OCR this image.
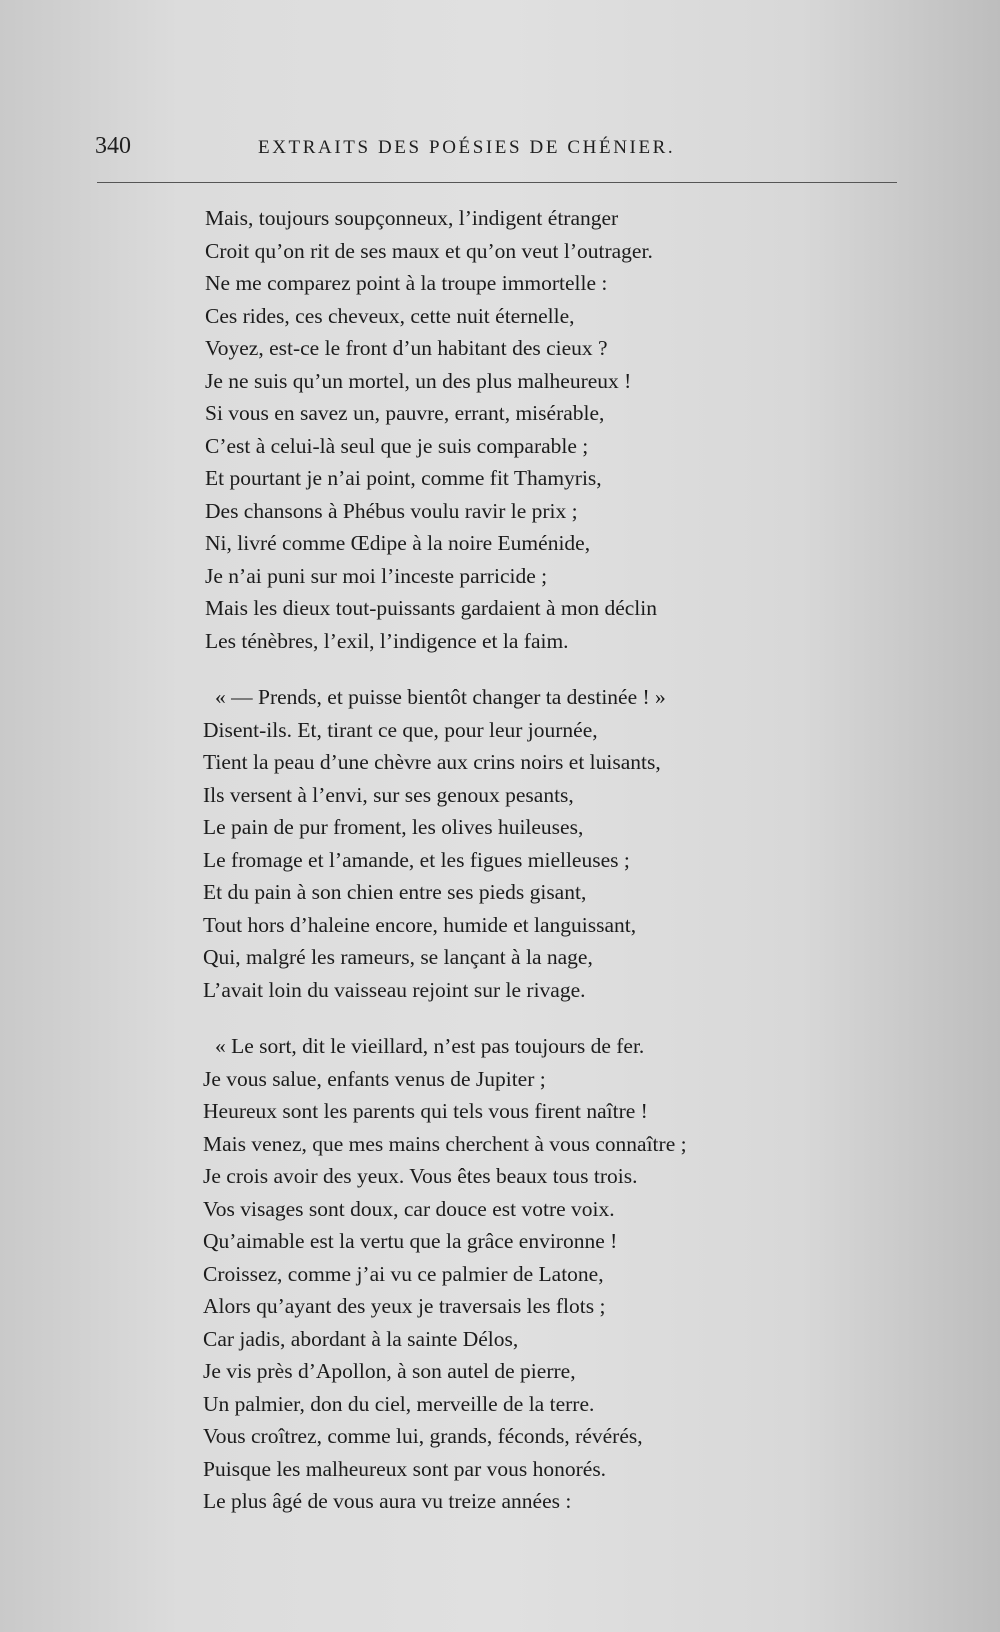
340	EXTRAITS DES POÉSIES DE CHÉNIER.
Mais, toujours soupçonneux, l’indigent étranger
Croit qu’on rit de ses maux et qu’on veut l’outrager.
Ne me comparez point à la troupe immortelle :
Ces rides, ces cheveux, cette nuit éternelle,
Voyez, est-ce le front d’un habitant des cieux ?
Je ne suis qu’un mortel, un des plus malheureux !
Si vous en savez un, pauvre, errant, misérable,
C’est à celui-là seul que je suis comparable ;
Et pourtant je n’ai point, comme fit Thamyris,
Des chansons à Phébus voulu ravir le prix ;
Ni, livré comme Œdipe à la noire Euménide,
Je n’ai puni sur moi l’inceste parricide ;
Mais les dieux tout-puissants gardaient à mon déclin
Les ténèbres, l’exil, l’indigence et la faim.
« — Prends, et puisse bientôt changer ta destinée ! »
Disent-ils. Et, tirant ce que, pour leur journée,
Tient la peau d’une chèvre aux crins noirs et luisants,
Ils versent à l’envi, sur ses genoux pesants,
Le pain de pur froment, les olives huileuses,
Le fromage et l’amande, et les figues mielleuses ;
Et du pain à son chien entre ses pieds gisant,
Tout hors d’haleine encore, humide et languissant,
Qui, malgré les rameurs, se lançant à la nage,
L’avait loin du vaisseau rejoint sur le rivage.
« Le sort, dit le vieillard, n’est pas toujours de fer.
Je vous salue, enfants venus de Jupiter ;
Heureux sont les parents qui tels vous firent naître !
Mais venez, que mes mains cherchent à vous connaître ;
Je crois avoir des yeux. Vous êtes beaux tous trois.
Vos visages sont doux, car douce est votre voix.
Qu’aimable est la vertu que la grâce environne !
Croissez, comme j’ai vu ce palmier de Latone,
Alors qu’ayant des yeux je traversais les flots ;
Car jadis, abordant à la sainte Délos,
Je vis près d’Apollon, à son autel de pierre,
Un palmier, don du ciel, merveille de la terre.
Vous croîtrez, comme lui, grands, féconds, révérés,
Puisque les malheureux sont par vous honorés.
Le plus âgé de vous aura vu treize années :
